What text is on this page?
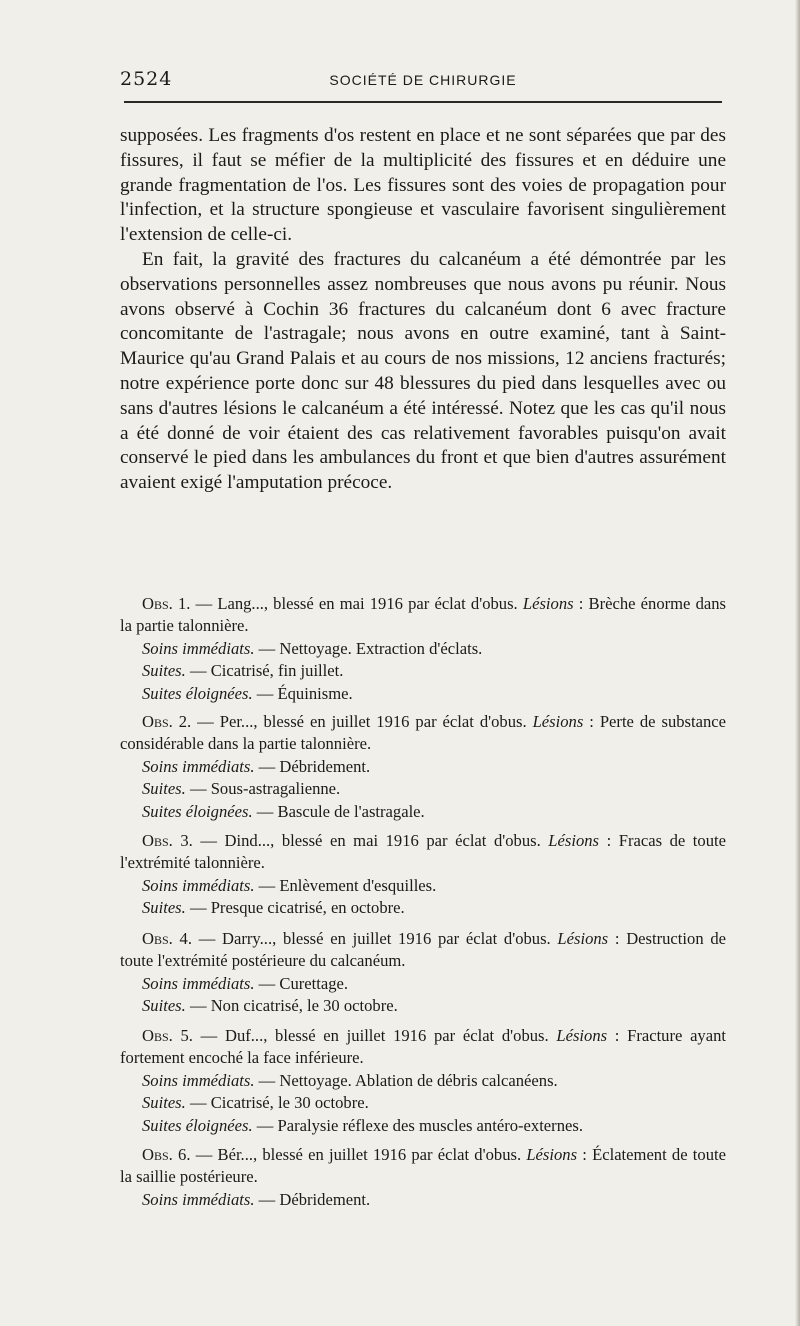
2524	SOCIÉTÉ DE CHIRURGIE

supposées. Les fragments d'os restent en place et ne sont séparées que par des fissures, il faut se méfier de la multiplicité des fissures et en déduire une grande fragmentation de l'os. Les fissures sont des voies de propagation pour l'infection, et la structure spongieuse et vasculaire favorisent singulièrement l'extension de celle-ci.

En fait, la gravité des fractures du calcanéum a été démontrée par les observations personnelles assez nombreuses que nous avons pu réunir. Nous avons observé à Cochin 36 fractures du calcanéum dont 6 avec fracture concomitante de l'astragale; nous avons en outre examiné, tant à Saint-Maurice qu'au Grand Palais et au cours de nos missions, 12 anciens fracturés; notre expérience porte donc sur 48 blessures du pied dans lesquelles avec ou sans d'autres lésions le calcanéum a été intéressé. Notez que les cas qu'il nous a été donné de voir étaient des cas relativement favorables puisqu'on avait conservé le pied dans les ambulances du front et que bien d'autres assurément avaient exigé l'amputation précoce.

Obs. 1. — Lang..., blessé en mai 1916 par éclat d'obus. Lésions : Brèche énorme dans la partie talonnière.

Soins immédiats. — Nettoyage. Extraction d'éclats.

Suites. — Cicatrisé, fin juillet.

Suites éloignées. — Équinisme.

Obs. 2. — Per..., blessé en juillet 1916 par éclat d'obus. Lésions : Perte de substance considérable dans la partie talonnière.

Soins immédiats. — Débridement.

Suites. — Sous-astragalienne.

Suites éloignées. — Bascule de l'astragale.

Obs. 3. — Dind..., blessé en mai 1916 par éclat d'obus. Lésions : Fracas de toute l'extrémité talonnière.

Soins immédiats. — Enlèvement d'esquilles.

Suites. — Presque cicatrisé, en octobre.

Obs. 4. — Darry..., blessé en juillet 1916 par éclat d'obus. Lésions : Destruction de toute l'extrémité postérieure du calcanéum.

Soins immédiats. — Curettage.

Suites. — Non cicatrisé, le 30 octobre.

Obs. 5. — Duf..., blessé en juillet 1916 par éclat d'obus. Lésions : Fracture ayant fortement encoché la face inférieure.

Soins immédiats. — Nettoyage. Ablation de débris calcanéens.

Suites. — Cicatrisé, le 30 octobre.

Suites éloignées. — Paralysie réflexe des muscles antéro-externes.

Obs. 6. — Bér..., blessé en juillet 1916 par éclat d'obus. Lésions : Éclatement de toute la saillie postérieure.

Soins immédiats. — Débridement.
